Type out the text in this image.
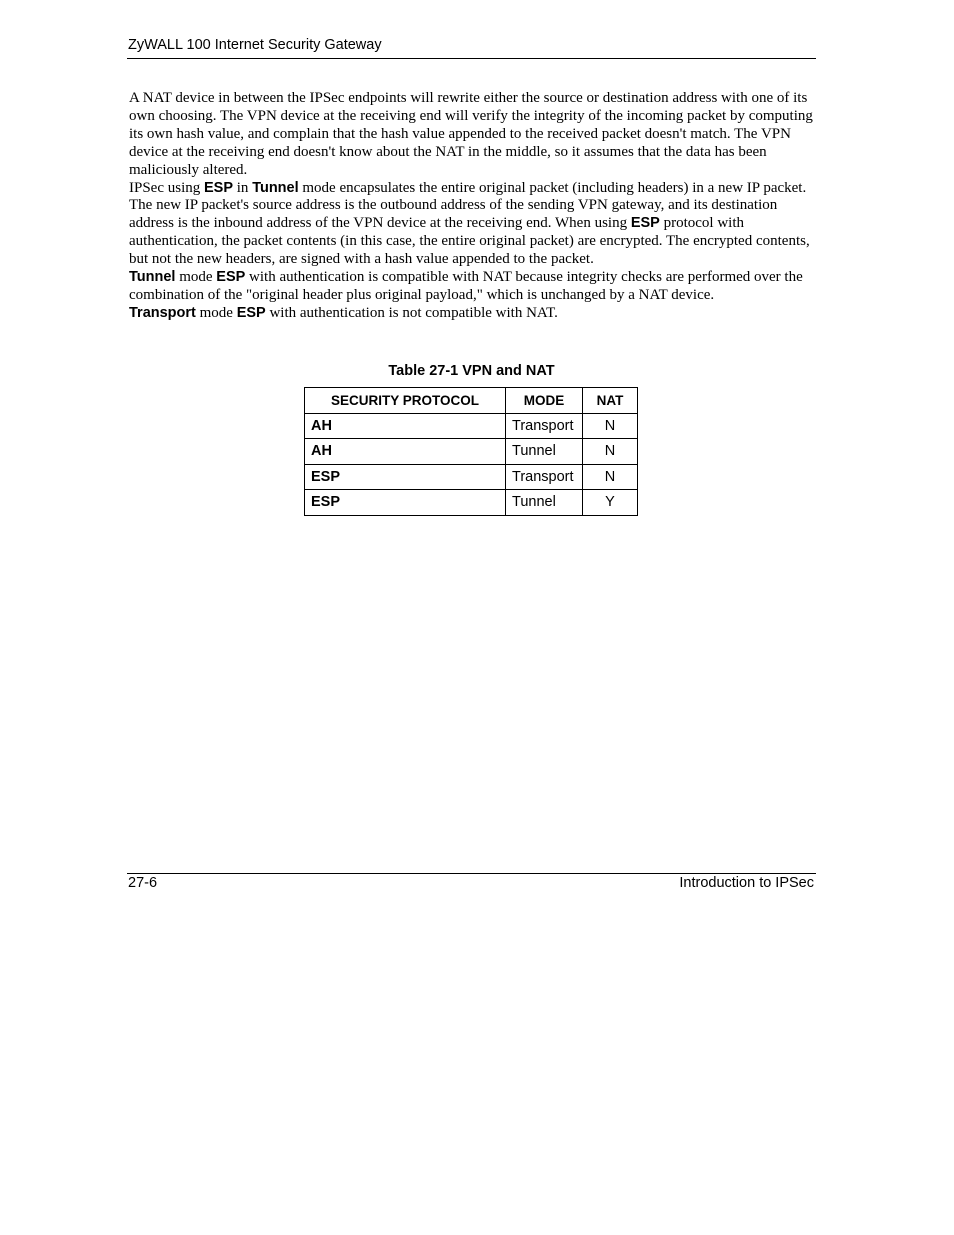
ZyWALL 100 Internet Security Gateway

A NAT device in between the IPSec endpoints will rewrite either the source or destination address with one of its own choosing. The VPN device at the receiving end will verify the integrity of the incoming packet by computing its own hash value, and complain that the hash value appended to the received packet doesn't match. The VPN device at the receiving end doesn't know about the NAT in the middle, so it assumes that the data has been maliciously altered.

IPSec using ESP in Tunnel mode encapsulates the entire original packet (including headers) in a new IP packet. The new IP packet's source address is the outbound address of the sending VPN gateway, and its destination address is the inbound address of the VPN device at the receiving end. When using ESP protocol with authentication, the packet contents (in this case, the entire original packet) are encrypted. The encrypted contents, but not the new headers, are signed with a hash value appended to the packet.

Tunnel mode ESP with authentication is compatible with NAT because integrity checks are performed over the combination of the "original header plus original payload," which is unchanged by a NAT device.

Transport mode ESP with authentication is not compatible with NAT.

Table 27-1 VPN and NAT
SECURITY PROTOCOL	MODE	NAT
AH	Transport	N
AH	Tunnel	N
ESP	Transport	N
ESP	Tunnel	Y
27-6	Introduction to IPSec
